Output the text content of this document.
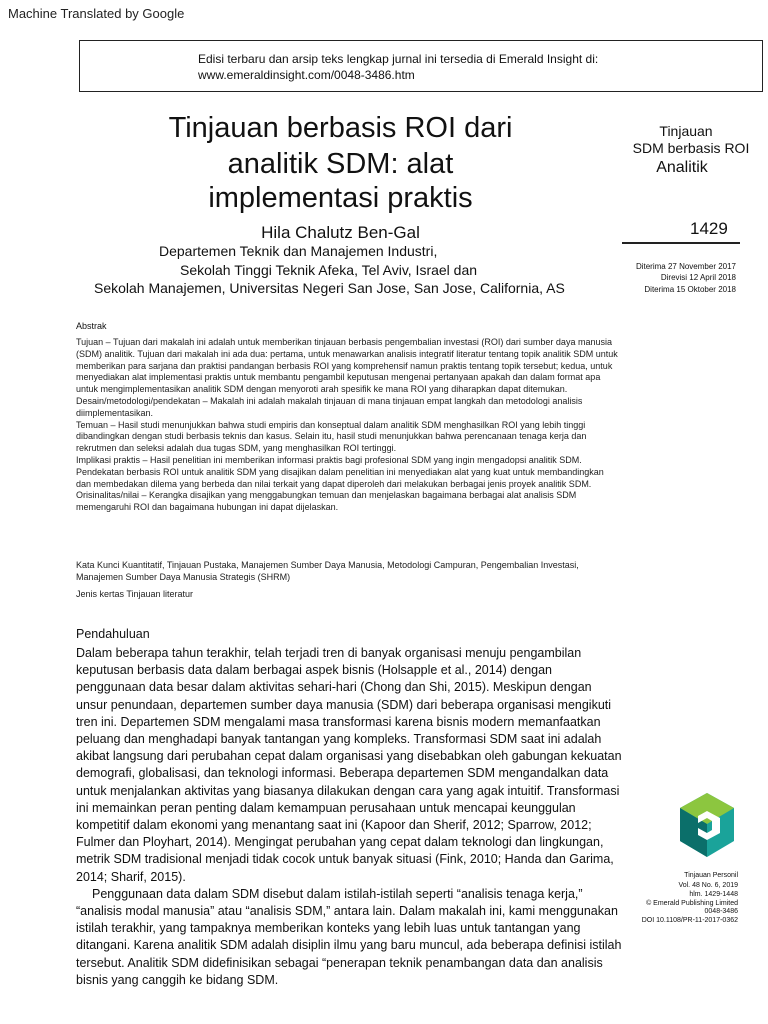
Machine Translated by Google
Edisi terbaru dan arsip teks lengkap jurnal ini tersedia di Emerald Insight di:
www.emeraldinsight.com/0048-3486.htm
Tinjauan berbasis ROI dari
analitik SDM: alat
implementasi praktis
Hila Chalutz Ben-Gal
Departemen Teknik dan Manajemen Industri,
Sekolah Tinggi Teknik Afeka, Tel Aviv, Israel dan
Sekolah Manajemen, Universitas Negeri San Jose, San Jose, California, AS
Tinjauan
SDM berbasis ROI
Analitik
1429
Diterima 27 November 2017
Direvisi 12 April 2018
Diterima 15 Oktober 2018
Abstrak

Tujuan – Tujuan dari makalah ini adalah untuk memberikan tinjauan berbasis pengembalian investasi (ROI) dari sumber daya manusia (SDM) analitik. Tujuan dari makalah ini ada dua: pertama, untuk menawarkan analisis integratif literatur tentang topik analitik SDM untuk memberikan para sarjana dan praktisi pandangan berbasis ROI yang komprehensif namun praktis tentang topik tersebut; kedua, untuk menyediakan alat implementasi praktis untuk membantu pengambil keputusan mengenai pertanyaan apakah dan dalam format apa untuk mengimplementasikan analitik SDM dengan menyoroti arah spesifik ke mana ROI yang diharapkan dapat ditemukan.

Desain/metodologi/pendekatan – Makalah ini adalah makalah tinjauan di mana tinjauan empat langkah dan metodologi analisis diimplementasikan.

Temuan – Hasil studi menunjukkan bahwa studi empiris dan konseptual dalam analitik SDM menghasilkan ROI yang lebih tinggi dibandingkan dengan studi berbasis teknis dan kasus. Selain itu, hasil studi menunjukkan bahwa perencanaan tenaga kerja dan rekrutmen dan seleksi adalah dua tugas SDM, yang menghasilkan ROI tertinggi.

Implikasi praktis – Hasil penelitian ini memberikan informasi praktis bagi profesional SDM yang ingin mengadopsi analitik SDM. Pendekatan berbasis ROI untuk analitik SDM yang disajikan dalam penelitian ini menyediakan alat yang kuat untuk membandingkan dan membedakan dilema yang berbeda dan nilai terkait yang dapat diperoleh dari melakukan berbagai jenis proyek analitik SDM.

Orisinalitas/nilai – Kerangka disajikan yang menggabungkan temuan dan menjelaskan bagaimana berbagai alat analisis SDM memengaruhi ROI dan bagaimana hubungan ini dapat dijelaskan.

Kata Kunci Kuantitatif, Tinjauan Pustaka, Manajemen Sumber Daya Manusia, Metodologi Campuran, Pengembalian Investasi, Manajemen Sumber Daya Manusia Strategis (SHRM)
Jenis kertas Tinjauan literatur
Pendahuluan

Dalam beberapa tahun terakhir, telah terjadi tren di banyak organisasi menuju pengambilan keputusan berbasis data dalam berbagai aspek bisnis (Holsapple et al., 2014) dengan penggunaan data besar dalam aktivitas sehari-hari (Chong dan Shi, 2015). Meskipun dengan unsur penundaan, departemen sumber daya manusia (SDM) dari beberapa organisasi mengikuti tren ini. Departemen SDM mengalami masa transformasi karena bisnis modern memanfaatkan peluang dan menghadapi banyak tantangan yang kompleks. Transformasi SDM saat ini adalah akibat langsung dari perubahan cepat dalam organisasi yang disebabkan oleh gabungan kekuatan demografi, globalisasi, dan teknologi informasi. Beberapa departemen SDM mengandalkan data untuk menjalankan aktivitas yang biasanya dilakukan dengan cara yang agak intuitif. Transformasi ini memainkan peran penting dalam kemampuan perusahaan untuk mencapai keunggulan kompetitif dalam ekonomi yang menantang saat ini (Kapoor dan Sherif, 2012; Sparrow, 2012; Fulmer dan Ployhart, 2014). Mengingat perubahan yang cepat dalam teknologi dan lingkungan, metrik SDM tradisional menjadi tidak cocok untuk banyak situasi (Fink, 2010; Handa dan Garima, 2014; Sharif, 2015).

Penggunaan data dalam SDM disebut dalam istilah-istilah seperti “analisis tenaga kerja,” “analisis modal manusia” atau “analisis SDM,” antara lain. Dalam makalah ini, kami menggunakan istilah terakhir, yang tampaknya memberikan konteks yang lebih luas untuk tantangan yang ditangani. Karena analitik SDM adalah disiplin ilmu yang baru muncul, ada beberapa definisi istilah tersebut. Analitik SDM didefinisikan sebagai “penerapan teknik penambangan data dan analisis bisnis yang canggih ke bidang SDM.

Tinjauan Personil
Vol. 48 No. 6, 2019
hlm. 1429-1448
© Emerald Publishing Limited
0048-3486
DOI 10.1108/PR-11-2017-0362
